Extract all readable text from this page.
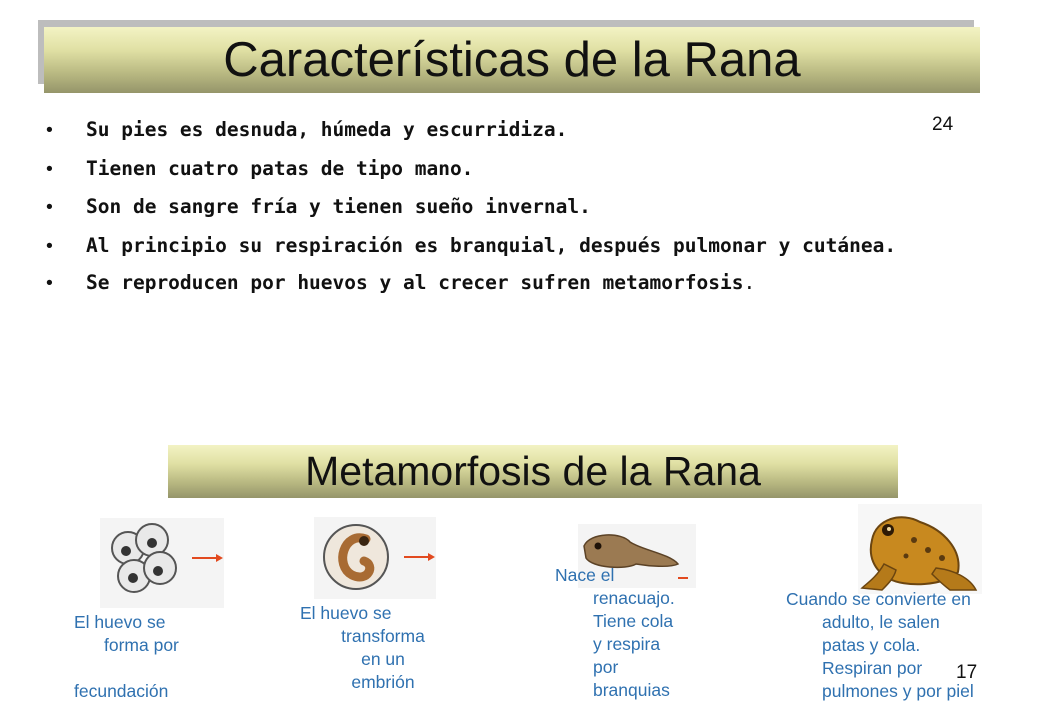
Características de la Rana
24
• Su pies es desnuda, húmeda y escurridiza.
• Tienen cuatro patas de tipo mano.
• Son de sangre fría y tienen sueño invernal.
• Al principio su respiración es branquial, después pulmonar y cutánea.
• Se reproducen por huevos y al crecer sufren metamorfosis.
Metamorfosis de la Rana
El huevo se
forma por
fecundación
El huevo se
transforma
en un
embrión
Nace el
renacuajo.
Tiene cola
y respira
por
branquias
Cuando se convierte en
adulto, le salen
patas y cola.
Respiran por
pulmones y por piel
17
